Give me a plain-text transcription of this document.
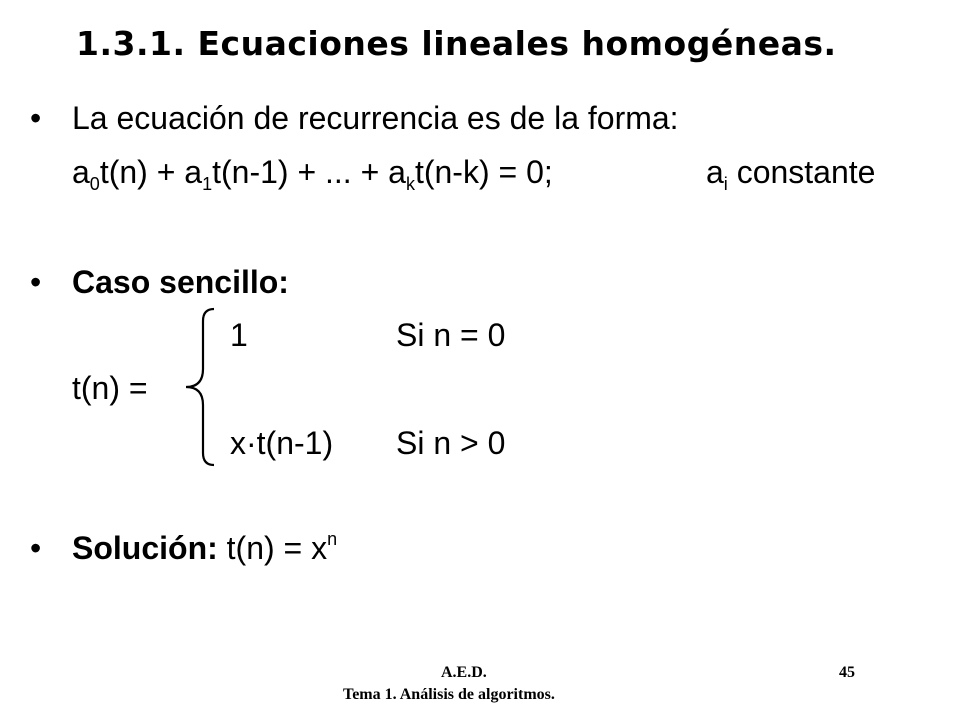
1.3.1. Ecuaciones lineales homogéneas.
• La ecuación de recurrencia es de la forma:
$a_0t(n) + a_1t(n-1)$ + ... + $a_kt(n-k) = 0$;	$a_i$ constante
• Caso sencillo:
1	Si n = 0
t(n) =
x·t(n-1) Si n > 0
• Solución: $t(n) = x^n$
A.E.D.
Tema 1. Análisis de algoritmos.
45
